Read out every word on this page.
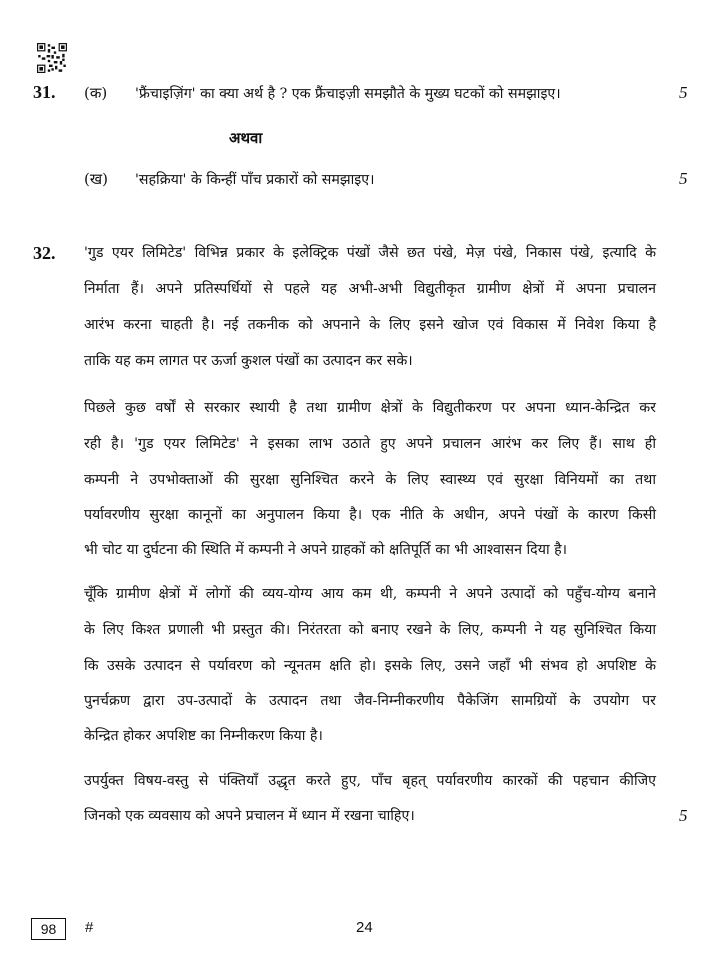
31. (क) 'फ्रैंचाइज़िंग' का क्या अर्थ है ? एक फ्रैंचाइज़ी समझौते के मुख्य घटकों को समझाइए।	5
अथवा
(ख) 'सहक्रिया' के किन्हीं पाँच प्रकारों को समझाइए।	5
32. 'गुड एयर लिमिटेड' विभिन्न प्रकार के इलेक्ट्रिक पंखों जैसे छत पंखे, मेज़ पंखे, निकास पंखे, इत्यादि के
निर्माता हैं। अपने प्रतिस्पर्धियों से पहले यह अभी-अभी विद्युतीकृत ग्रामीण क्षेत्रों में अपना प्रचालन
आरंभ करना चाहती है। नई तकनीक को अपनाने के लिए इसने खोज एवं विकास में निवेश किया है
ताकि यह कम लागत पर ऊर्जा कुशल पंखों का उत्पादन कर सके।
पिछले कुछ वर्षों से सरकार स्थायी है तथा ग्रामीण क्षेत्रों के विद्युतीकरण पर अपना ध्यान-केन्द्रित कर
रही है। 'गुड एयर लिमिटेड' ने इसका लाभ उठाते हुए अपने प्रचालन आरंभ कर लिए हैं। साथ ही
कम्पनी ने उपभोक्ताओं की सुरक्षा सुनिश्चित करने के लिए स्वास्थ्य एवं सुरक्षा विनियमों का तथा
पर्यावरणीय सुरक्षा कानूनों का अनुपालन किया है। एक नीति के अधीन, अपने पंखों के कारण किसी
भी चोट या दुर्घटना की स्थिति में कम्पनी ने अपने ग्राहकों को क्षतिपूर्ति का भी आश्वासन दिया है।
चूँकि ग्रामीण क्षेत्रों में लोगों की व्यय-योग्य आय कम थी, कम्पनी ने अपने उत्पादों को पहुँच-योग्य बनाने
के लिए किश्त प्रणाली भी प्रस्तुत की। निरंतरता को बनाए रखने के लिए, कम्पनी ने यह सुनिश्चित किया
कि उसके उत्पादन से पर्यावरण को न्यूनतम क्षति हो। इसके लिए, उसने जहाँ भी संभव हो अपशिष्ट के
पुनर्चक्रण द्वारा उप-उत्पादों के उत्पादन तथा जैव-निम्नीकरणीय पैकेजिंग सामग्रियों के उपयोग पर
केन्द्रित होकर अपशिष्ट का निम्नीकरण किया है।
उपर्युक्त विषय-वस्तु से पंक्तियाँ उद्धृत करते हुए, पाँच बृहत् पर्यावरणीय कारकों की पहचान कीजिए
जिनको एक व्यवसाय को अपने प्रचालन में ध्यान में रखना चाहिए।	5
98	#	24
